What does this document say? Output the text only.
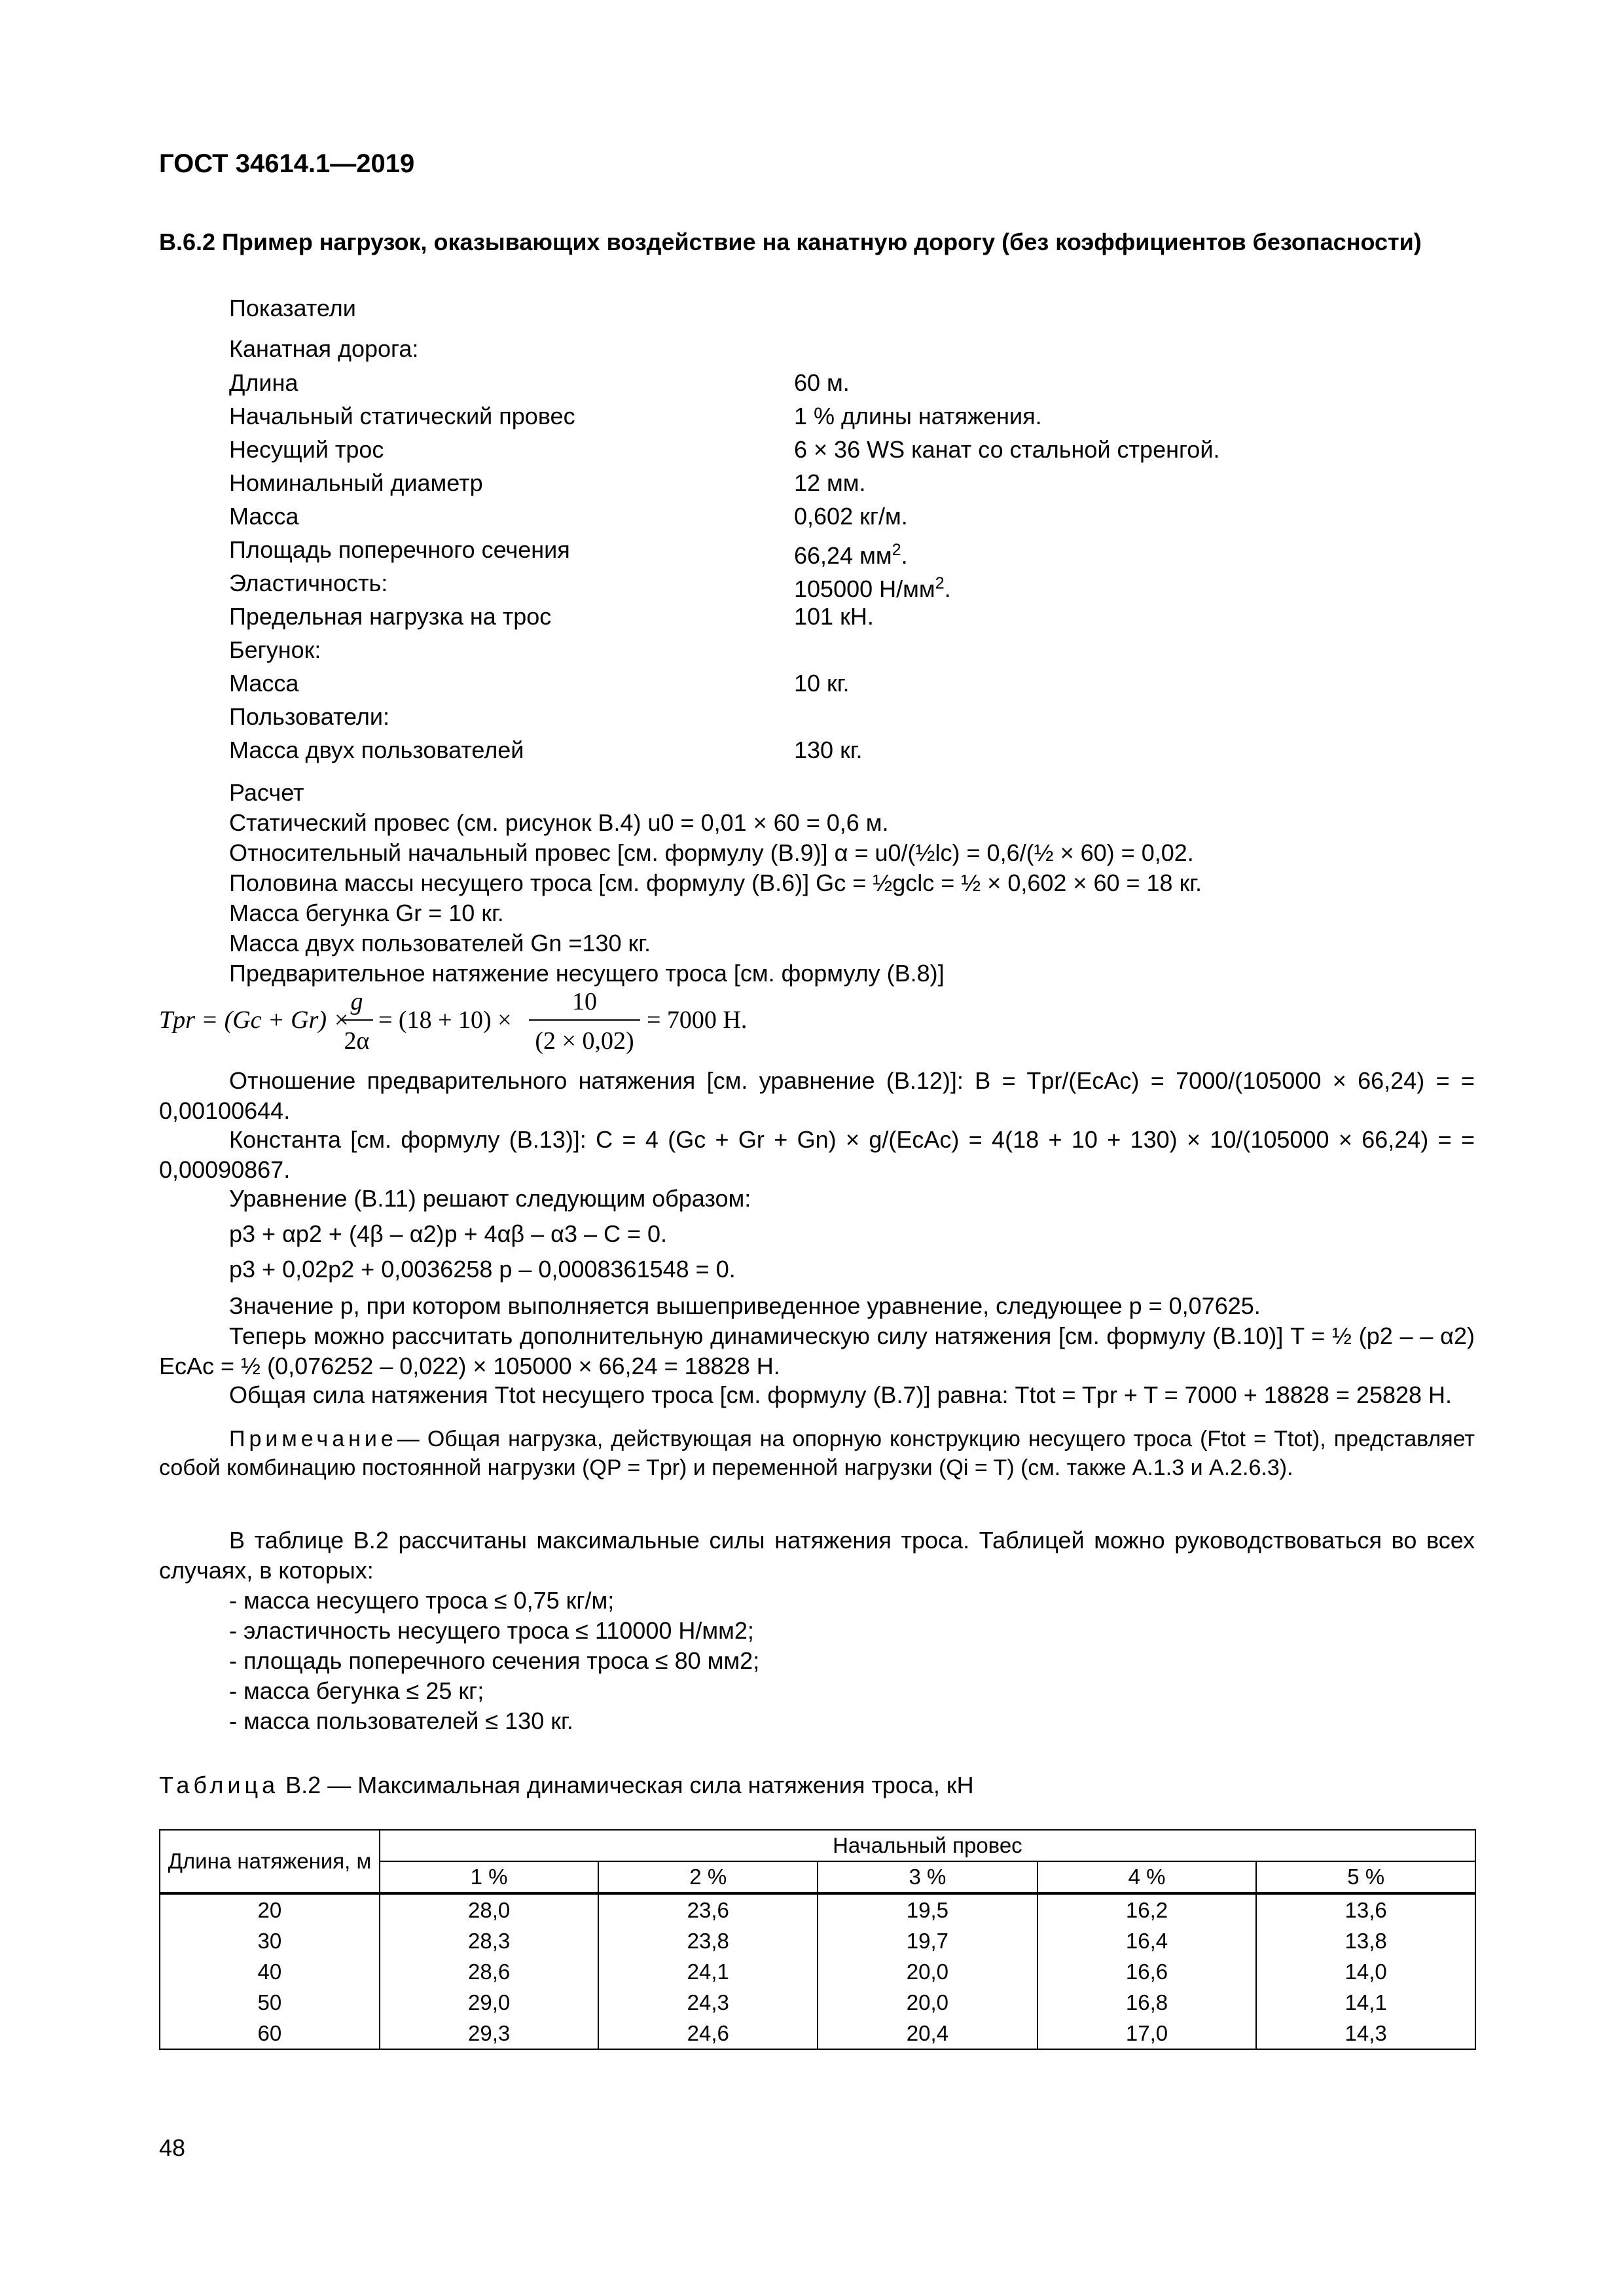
ГОСТ 34614.1—2019
В.6.2 Пример нагрузок, оказывающих воздействие на канатную дорогу (без коэффициентов безопасности)
Показатели
Канатная дорога:
Длина	60 м.
Начальный статический провес	1 % длины натяжения.
Несущий трос	6 × 36 WS канат со стальной стренгой.
Номинальный диаметр	12 мм.
Масса	0,602 кг/м.
Площадь поперечного сечения	66,24 $мм^2$.
Эластичность:	105000 $Н/мм^2$.
Предельная нагрузка на трос	101 кН.
Бегунок:
Масса	10 кг.
Пользователи:
Масса двух пользователей	130 кг.
Расчет
Статический провес (см. рисунок В.4) u0 = 0,01 × 60 = 0,6 м.
Относительный начальный провес [см. формулу (В.9)] α = u0/(½lc) = 0,6/(½ × 60) = 0,02.
Половина массы несущего троса [см. формулу (В.6)] Gc = ½gclc = ½ × 0,602 × 60 = 18 кг.
Масса бегунка Gr = 10 кг.
Масса двух пользователей Gn =130 кг.
Предварительное натяжение несущего троса [см. формулу (В.8)]
Tpr = (Gc + Gr) ×
g
2α
= (18 + 10) ×
10
(2 × 0,02)
= 7000 Н.
Отношение предварительного натяжения [см. уравнение (В.12)]: B = Tpr/(EcAc) = 7000/(105000 × 66,24) = = 0,00100644.
Константа [см. формулу (В.13)]: C = 4 (Gc + Gr + Gn) × g/(EcAc) = 4(18 + 10 + 130) × 10/(105000 × 66,24) = = 0,00090867.
Уравнение (В.11) решают следующим образом:
p3 + αp2 + (4β – α2)p + 4αβ – α3 – C = 0.
p3 + 0,02p2 + 0,0036258 p – 0,0008361548 = 0.
Значение p, при котором выполняется вышеприведенное уравнение, следующее p = 0,07625.
Теперь можно рассчитать дополнительную динамическую силу натяжения [см. формулу (В.10)] T = ½ (p2 – – α2) EcAc = ½ (0,076252 – 0,022) × 105000 × 66,24 = 18828 Н.
Общая сила натяжения Ttot несущего троса [см. формулу (В.7)] равна: Ttot = Tpr + T = 7000 + 18828 = 25828 Н.
Примечание— Общая нагрузка, действующая на опорную конструкцию несущего троса (Ftot = Ttot), представляет собой комбинацию постоянной нагрузки (QP = Tpr) и переменной нагрузки (Qi = T) (см. также А.1.3 и А.2.6.3).
В таблице В.2 рассчитаны максимальные силы натяжения троса. Таблицей можно руководствоваться во всех случаях, в которых:
- масса несущего троса ≤ 0,75 кг/м;
- эластичность несущего троса ≤ 110000 Н/мм2;
- площадь поперечного сечения троса ≤ 80 мм2;
- масса бегунка ≤ 25 кг;
- масса пользователей ≤ 130 кг.
Таблица В.2 — Максимальная динамическая сила натяжения троса, кН
Длина натяжения, м	Начальный провес				
	1 %	2 %	3 %	4 %	5 %
20	28,0	23,6	19,5	16,2	13,6
30	28,3	23,8	19,7	16,4	13,8
40	28,6	24,1	20,0	16,6	14,0
50	29,0	24,3	20,0	16,8	14,1
60	29,3	24,6	20,4	17,0	14,3
48
